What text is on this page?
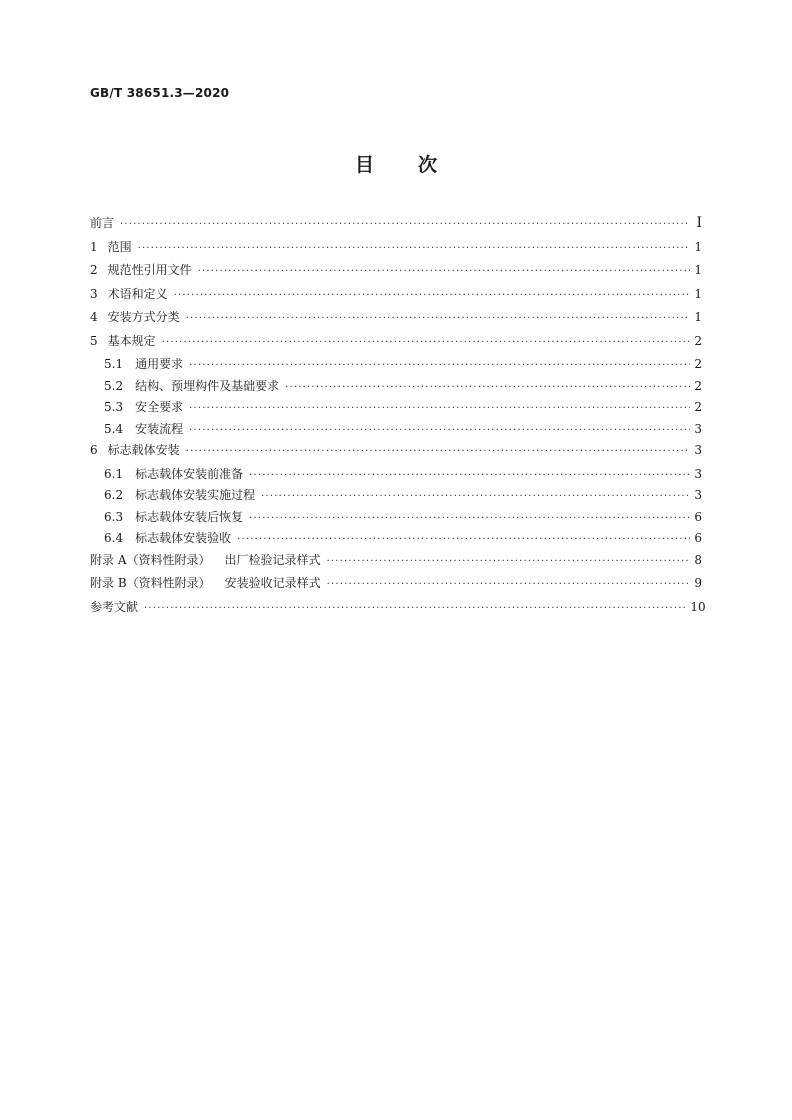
GB/T 38651.3—2020
目 次
前言 ·····	I
1 范围 ·····	1
2 规范性引用文件 ·····	1
3 术语和定义 ·····	1
4 安装方式分类 ·····	1
5 基本规定 ·····	2
5.1 通用要求 ·····	2
5.2 结构、预埋构件及基础要求 ·····	2
5.3 安全要求 ·····	2
5.4 安装流程 ·····	3
6 标志载体安装 ·····	3
6.1 标志载体安装前准备 ·····	3
6.2 标志载体安装实施过程 ·····	3
6.3 标志载体安装后恢复 ·····	6
6.4 标志载体安装验收 ·····	6
附录 A（资料性附录） 出厂检验记录样式 ·····	8
附录 B（资料性附录） 安装验收记录样式 ·····	9
参考文献 ·····	10
